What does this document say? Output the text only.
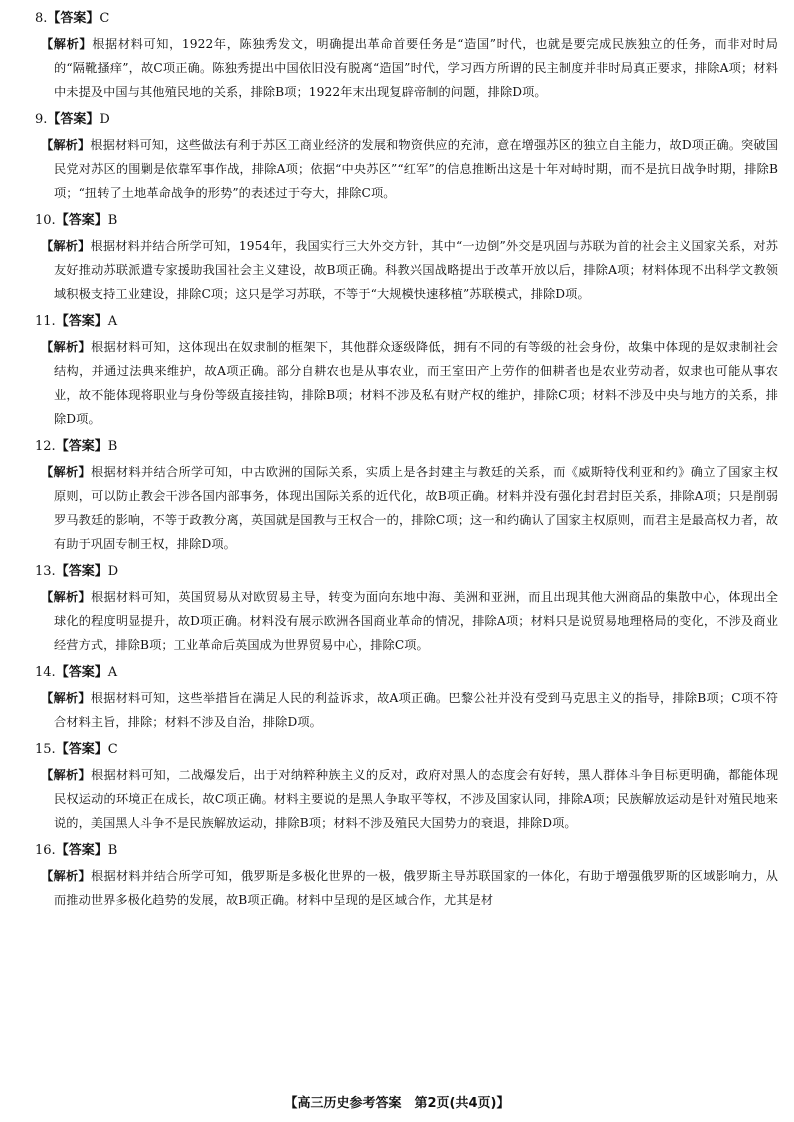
8.【答案】C

【解析】根据材料可知，1922年，陈独秀发文，明确提出革命首要任务是“造国”时代，也就是要完成民族独立的任务，而非对时局的“隔靴搔痒”，故C项正确。陈独秀提出中国依旧没有脱离“造国”时代，学习西方所谓的民主制度并非时局真正要求，排除A项；材料中未提及中国与其他殖民地的关系，排除B项；1922年末出现复辟帝制的问题，排除D项。

9.【答案】D

【解析】根据材料可知，这些做法有利于苏区工商业经济的发展和物资供应的充沛，意在增强苏区的独立自主能力，故D项正确。突破国民党对苏区的围剿是依靠军事作战，排除A项；依据“中央苏区”“红军”的信息推断出这是十年对峙时期，而不是抗日战争时期，排除B项；“扭转了土地革命战争的形势”的表述过于夸大，排除C项。

10.【答案】B

【解析】根据材料并结合所学可知，1954年，我国实行三大外交方针，其中“一边倒”外交是巩固与苏联为首的社会主义国家关系，对苏友好推动苏联派遣专家援助我国社会主义建设，故B项正确。科教兴国战略提出于改革开放以后，排除A项；材料体现不出科学文教领域积极支持工业建设，排除C项；这只是学习苏联，不等于“大规模快速移植”苏联模式，排除D项。

11.【答案】A

【解析】根据材料可知，这体现出在奴隶制的框架下，其他群众逐级降低，拥有不同的有等级的社会身份，故集中体现的是奴隶制社会结构，并通过法典来维护，故A项正确。部分自耕农也是从事农业，而王室田产上劳作的佃耕者也是农业劳动者，奴隶也可能从事农业，故不能体现将职业与身份等级直接挂钩，排除B项；材料不涉及私有财产权的维护，排除C项；材料不涉及中央与地方的关系，排除D项。

12.【答案】B

【解析】根据材料并结合所学可知，中古欧洲的国际关系，实质上是各封建主与教廷的关系，而《威斯特伐利亚和约》确立了国家主权原则，可以防止教会干涉各国内部事务，体现出国际关系的近代化，故B项正确。材料并没有强化封君封臣关系，排除A项；只是削弱罗马教廷的影响，不等于政教分离，英国就是国教与王权合一的，排除C项；这一和约确认了国家主权原则，而君主是最高权力者，故有助于巩固专制王权，排除D项。

13.【答案】D

【解析】根据材料可知，英国贸易从对欧贸易主导，转变为面向东地中海、美洲和亚洲，而且出现其他大洲商品的集散中心，体现出全球化的程度明显提升，故D项正确。材料没有展示欧洲各国商业革命的情况，排除A项；材料只是说贸易地理格局的变化，不涉及商业经营方式，排除B项；工业革命后英国成为世界贸易中心，排除C项。

14.【答案】A

【解析】根据材料可知，这些举措旨在满足人民的利益诉求，故A项正确。巴黎公社并没有受到马克思主义的指导，排除B项；C项不符合材料主旨，排除；材料不涉及自治，排除D项。

15.【答案】C

【解析】根据材料可知，二战爆发后，出于对纳粹种族主义的反对，政府对黑人的态度会有好转，黑人群体斗争目标更明确，都能体现民权运动的环境正在成长，故C项正确。材料主要说的是黑人争取平等权，不涉及国家认同，排除A项；民族解放运动是针对殖民地来说的，美国黑人斗争不是民族解放运动，排除B项；材料不涉及殖民大国势力的衰退，排除D项。

16.【答案】B

【解析】根据材料并结合所学可知，俄罗斯是多极化世界的一极，俄罗斯主导苏联国家的一体化，有助于增强俄罗斯的区域影响力，从而推动世界多极化趋势的发展，故B项正确。材料中呈现的是区域合作，尤其是材

【高三历史参考答案　第2页(共4页)】
